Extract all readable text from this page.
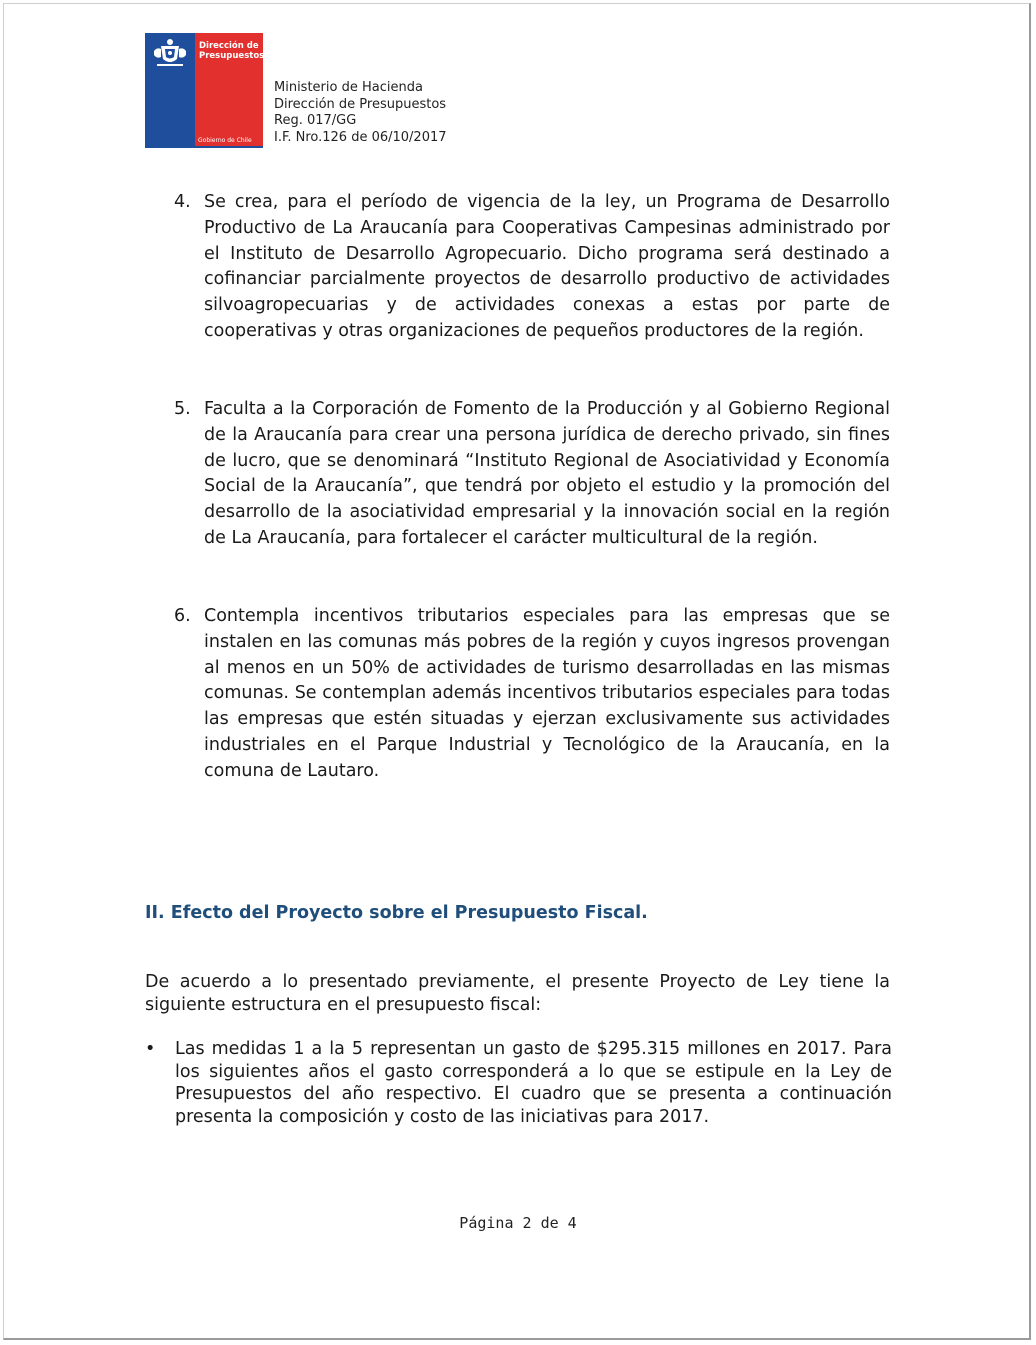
Dirección de
Presupuestos
Gobierno de Chile
Ministerio de Hacienda
Dirección de Presupuestos
Reg. 017/GG
I.F. Nro.126 de 06/10/2017
4. Se crea, para el período de vigencia de la ley, un Programa de Desarrollo Productivo de La Araucanía para Cooperativas Campesinas administrado por el Instituto de Desarrollo Agropecuario. Dicho programa será destinado a cofinanciar parcialmente proyectos de desarrollo productivo de actividades silvoagropecuarias y de actividades conexas a estas por parte de cooperativas y otras organizaciones de pequeños productores de la región.
5. Faculta a la Corporación de Fomento de la Producción y al Gobierno Regional de la Araucanía para crear una persona jurídica de derecho privado, sin fines de lucro, que se denominará “Instituto Regional de Asociatividad y Economía Social de la Araucanía”, que tendrá por objeto el estudio y la promoción del desarrollo de la asociatividad empresarial y la innovación social en la región de La Araucanía, para fortalecer el carácter multicultural de la región.
6. Contempla incentivos tributarios especiales para las empresas que se instalen en las comunas más pobres de la región y cuyos ingresos provengan al menos en un 50% de actividades de turismo desarrolladas en las mismas comunas. Se contemplan además incentivos tributarios especiales para todas las empresas que estén situadas y ejerzan exclusivamente sus actividades industriales en el Parque Industrial y Tecnológico de la Araucanía, en la comuna de Lautaro.
II. Efecto del Proyecto sobre el Presupuesto Fiscal.
De acuerdo a lo presentado previamente, el presente Proyecto de Ley tiene la siguiente estructura en el presupuesto fiscal:
• Las medidas 1 a la 5 representan un gasto de $295.315 millones en 2017. Para los siguientes años el gasto corresponderá a lo que se estipule en la Ley de Presupuestos del año respectivo. El cuadro que se presenta a continuación presenta la composición y costo de las iniciativas para 2017.
Página 2 de 4
